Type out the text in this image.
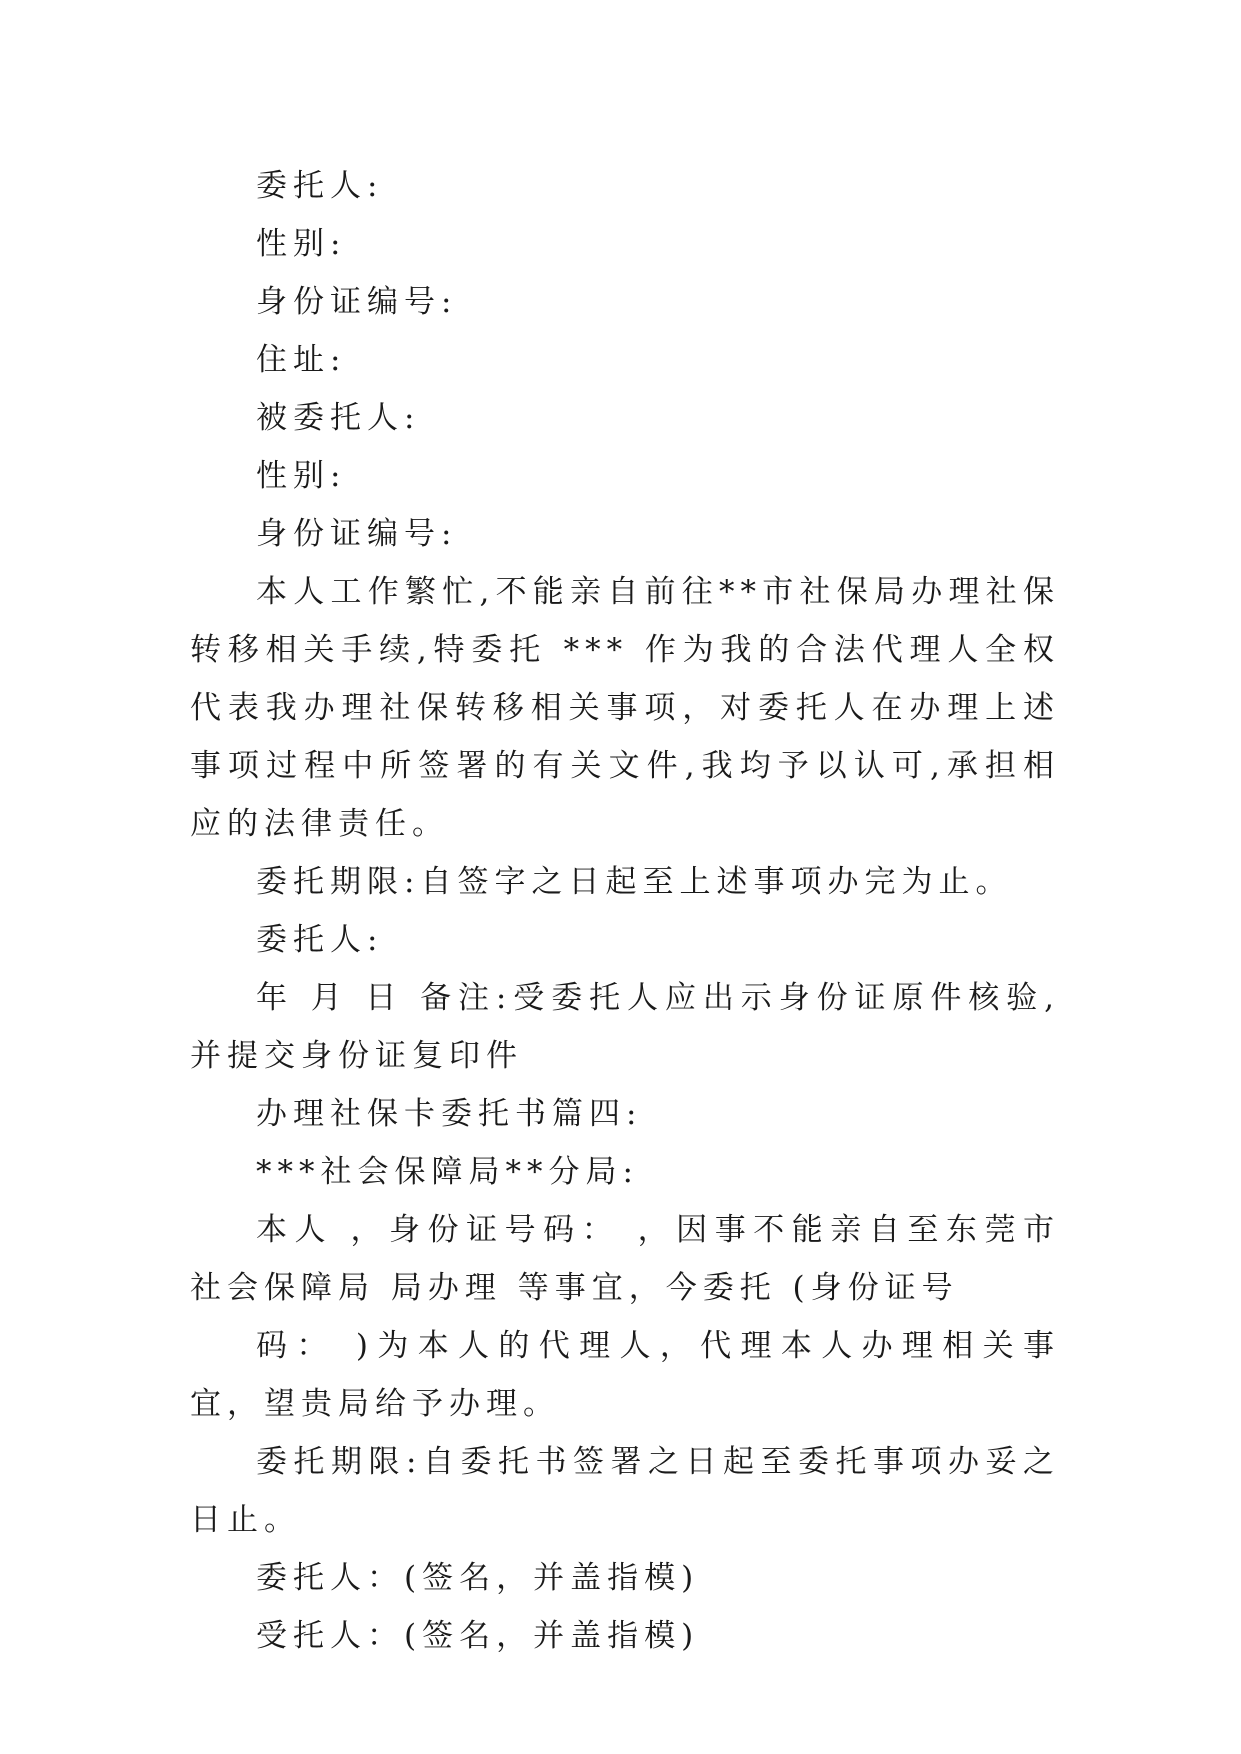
委托人:

性别:

身份证编号:

住址:

被委托人:

性别:

身份证编号:

本人工作繁忙,不能亲自前往**市社保局办理社保转移相关手续,特委托 *** 作为我的合法代理人全权代表我办理社保转移相关事项，对委托人在办理上述事项过程中所签署的有关文件,我均予以认可,承担相应的法律责任。

委托期限:自签字之日起至上述事项办完为止。

委托人:

年 月 日 备注:受委托人应出示身份证原件核验,并提交身份证复印件

办理社保卡委托书篇四:

***社会保障局**分局:

本人 ，身份证号码： ，因事不能亲自至东莞市社会保障局 局办理 等事宜，今委托 (身份证号

码： )为本人的代理人，代理本人办理相关事宜，望贵局给予办理。

委托期限:自委托书签署之日起至委托事项办妥之日止。

委托人：(签名，并盖指模)

受托人：(签名，并盖指模)
